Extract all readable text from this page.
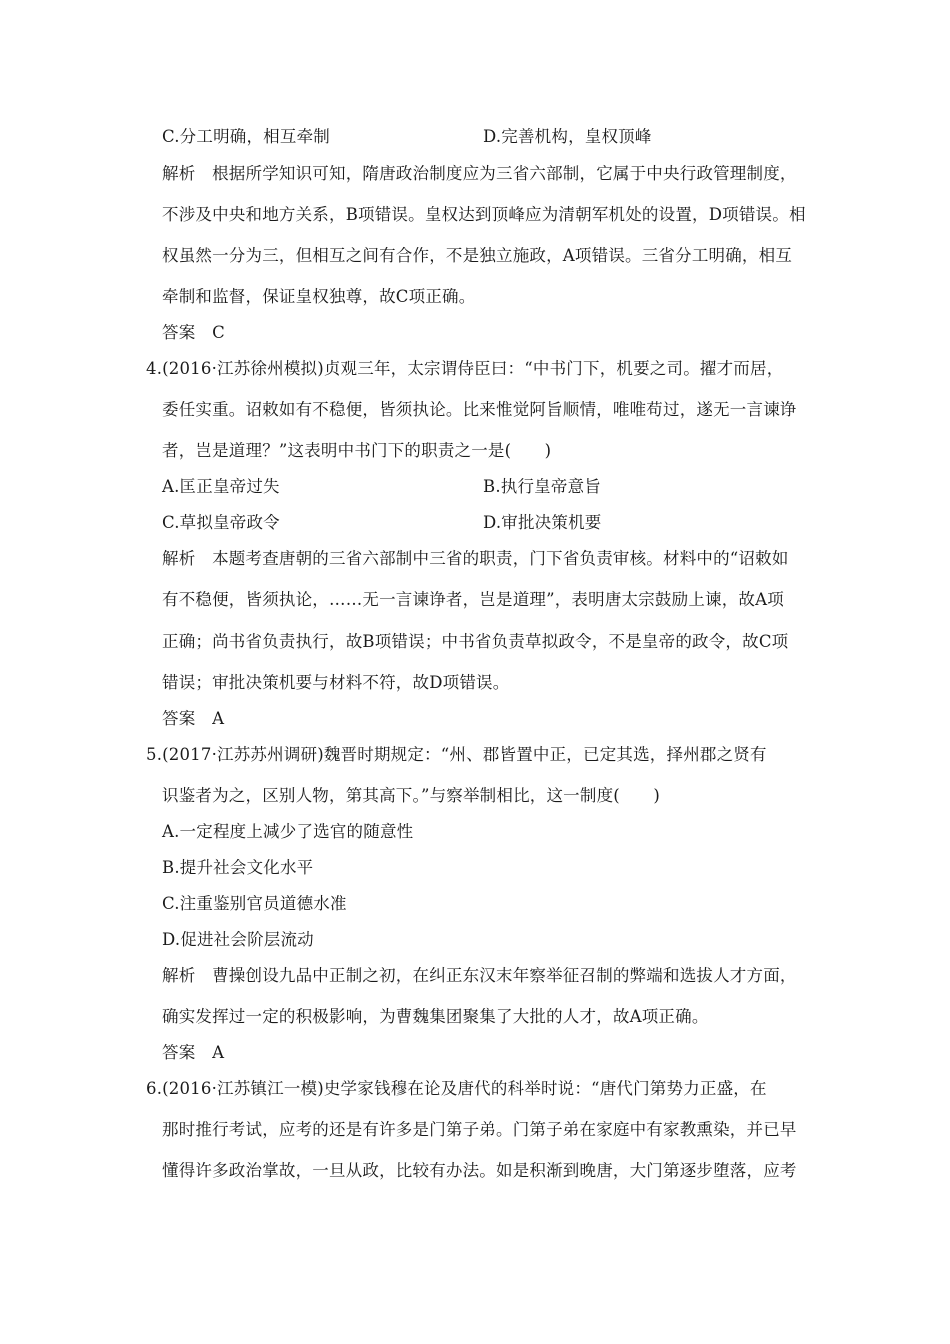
C.分工明确，相互牵制	D.完善机构，皇权顶峰
解析　根据所学知识可知，隋唐政治制度应为三省六部制，它属于中央行政管理制度，
不涉及中央和地方关系，B项错误。皇权达到顶峰应为清朝军机处的设置，D项错误。相
权虽然一分为三，但相互之间有合作，不是独立施政，A项错误。三省分工明确，相互
牵制和监督，保证皇权独尊，故C项正确。
答案　C
4.(2016·江苏徐州模拟)贞观三年，太宗谓侍臣曰：“中书门下，机要之司。擢才而居，
委任实重。诏敕如有不稳便，皆须执论。比来惟觉阿旨顺情，唯唯苟过，遂无一言谏诤
者，岂是道理？”这表明中书门下的职责之一是(　　)
A.匡正皇帝过失	B.执行皇帝意旨
C.草拟皇帝政令	D.审批决策机要
解析　本题考查唐朝的三省六部制中三省的职责，门下省负责审核。材料中的“诏敕如
有不稳便，皆须执论，……无一言谏诤者，岂是道理”，表明唐太宗鼓励上谏，故A项
正确；尚书省负责执行，故B项错误；中书省负责草拟政令，不是皇帝的政令，故C项
错误；审批决策机要与材料不符，故D项错误。
答案　A
5.(2017·江苏苏州调研)魏晋时期规定：“州、郡皆置中正，已定其选，择州郡之贤有
识鉴者为之，区别人物，第其高下。”与察举制相比，这一制度(　　)
A.一定程度上减少了选官的随意性
B.提升社会文化水平
C.注重鉴别官员道德水准
D.促进社会阶层流动
解析　曹操创设九品中正制之初，在纠正东汉末年察举征召制的弊端和选拔人才方面，
确实发挥过一定的积极影响，为曹魏集团聚集了大批的人才，故A项正确。
答案　A
6.(2016·江苏镇江一模)史学家钱穆在论及唐代的科举时说：“唐代门第势力正盛，在
那时推行考试，应考的还是有许多是门第子弟。门第子弟在家庭中有家教熏染，并已早
懂得许多政治掌故，一旦从政，比较有办法。如是积渐到晚唐，大门第逐步堕落，应考
